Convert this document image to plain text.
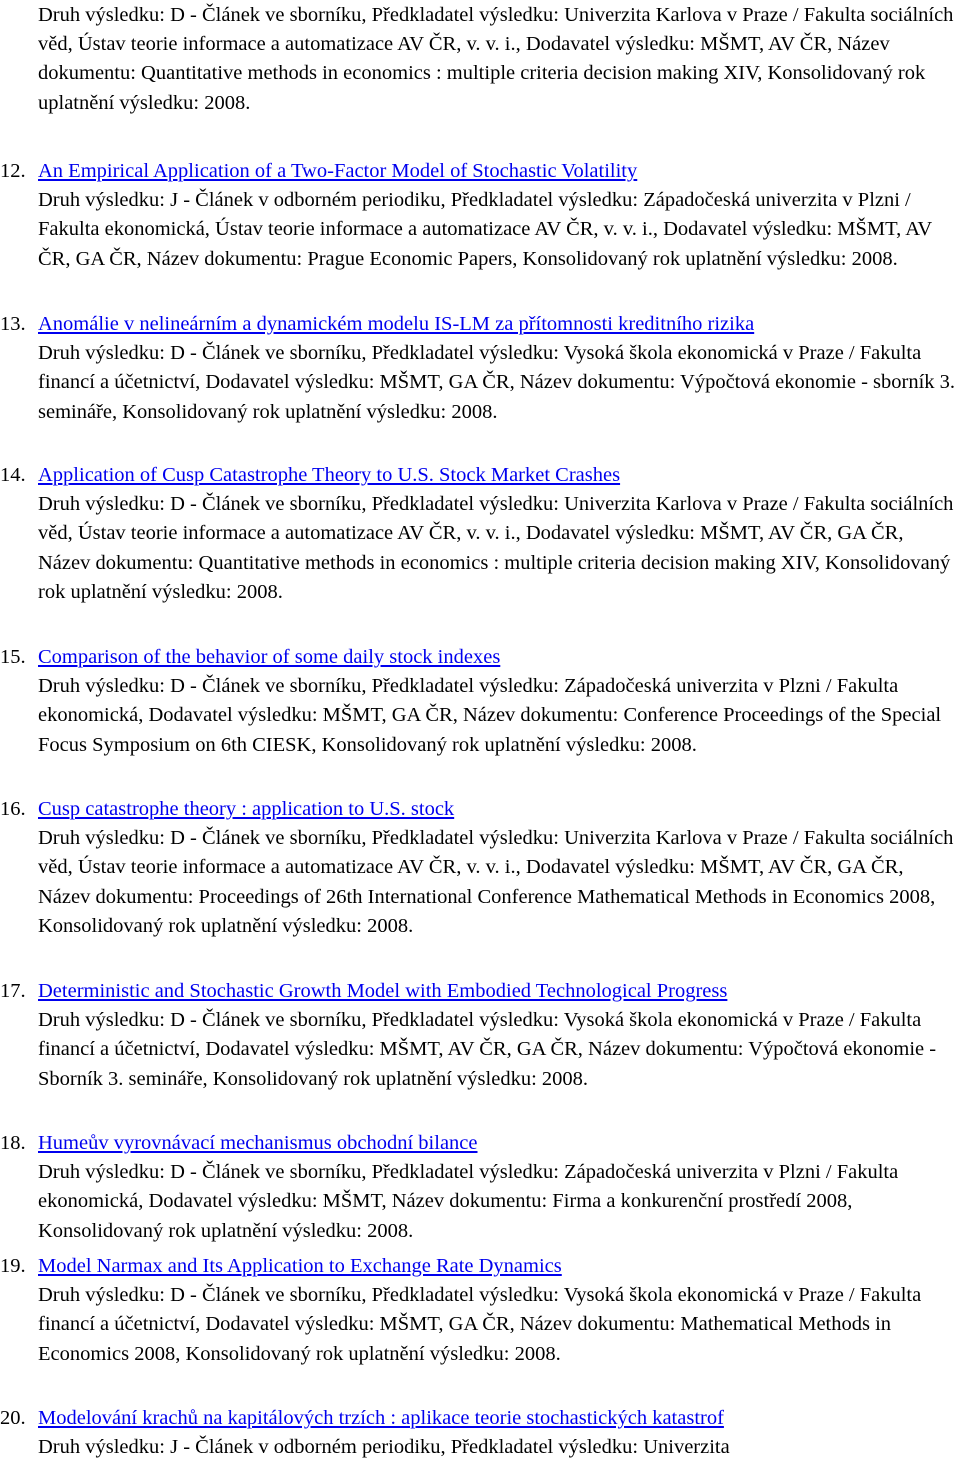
Druh výsledku: D - Článek ve sborníku, Předkladatel výsledku: Univerzita Karlova v Praze / Fakulta sociálních věd, Ústav teorie informace a automatizace AV ČR, v. v. i., Dodavatel výsledku: MŠMT, AV ČR, Název dokumentu: Quantitative methods in economics : multiple criteria decision making XIV, Konsolidovaný rok uplatnění výsledku: 2008.

12. An Empirical Application of a Two-Factor Model of Stochastic Volatility

Druh výsledku: J - Článek v odborném periodiku, Předkladatel výsledku: Západočeská univerzita v Plzni / Fakulta ekonomická, Ústav teorie informace a automatizace AV ČR, v. v. i., Dodavatel výsledku: MŠMT, AV ČR, GA ČR, Název dokumentu: Prague Economic Papers, Konsolidovaný rok uplatnění výsledku: 2008.

13. Anomálie v nelineárním a dynamickém modelu IS-LM za přítomnosti kreditního rizika

Druh výsledku: D - Článek ve sborníku, Předkladatel výsledku: Vysoká škola ekonomická v Praze / Fakulta financí a účetnictví, Dodavatel výsledku: MŠMT, GA ČR, Název dokumentu: Výpočtová ekonomie - sborník 3. semináře, Konsolidovaný rok uplatnění výsledku: 2008.

14. Application of Cusp Catastrophe Theory to U.S. Stock Market Crashes

Druh výsledku: D - Článek ve sborníku, Předkladatel výsledku: Univerzita Karlova v Praze / Fakulta sociálních věd, Ústav teorie informace a automatizace AV ČR, v. v. i., Dodavatel výsledku: MŠMT, AV ČR, GA ČR, Název dokumentu: Quantitative methods in economics : multiple criteria decision making XIV, Konsolidovaný rok uplatnění výsledku: 2008.

15. Comparison of the behavior of some daily stock indexes

Druh výsledku: D - Článek ve sborníku, Předkladatel výsledku: Západočeská univerzita v Plzni / Fakulta ekonomická, Dodavatel výsledku: MŠMT, GA ČR, Název dokumentu: Conference Proceedings of the Special Focus Symposium on 6th CIESK, Konsolidovaný rok uplatnění výsledku: 2008.

16. Cusp catastrophe theory : application to U.S. stock

Druh výsledku: D - Článek ve sborníku, Předkladatel výsledku: Univerzita Karlova v Praze / Fakulta sociálních věd, Ústav teorie informace a automatizace AV ČR, v. v. i., Dodavatel výsledku: MŠMT, AV ČR, GA ČR, Název dokumentu: Proceedings of 26th International Conference Mathematical Methods in Economics 2008, Konsolidovaný rok uplatnění výsledku: 2008.

17. Deterministic and Stochastic Growth Model with Embodied Technological Progress

Druh výsledku: D - Článek ve sborníku, Předkladatel výsledku: Vysoká škola ekonomická v Praze / Fakulta financí a účetnictví, Dodavatel výsledku: MŠMT, AV ČR, GA ČR, Název dokumentu: Výpočtová ekonomie - Sborník 3. semináře, Konsolidovaný rok uplatnění výsledku: 2008.

18. Humeův vyrovnávací mechanismus obchodní bilance

Druh výsledku: D - Článek ve sborníku, Předkladatel výsledku: Západočeská univerzita v Plzni / Fakulta ekonomická, Dodavatel výsledku: MŠMT, Název dokumentu: Firma a konkurenční prostředí 2008, Konsolidovaný rok uplatnění výsledku: 2008.

19. Model Narmax and Its Application to Exchange Rate Dynamics

Druh výsledku: D - Článek ve sborníku, Předkladatel výsledku: Vysoká škola ekonomická v Praze / Fakulta financí a účetnictví, Dodavatel výsledku: MŠMT, GA ČR, Název dokumentu: Mathematical Methods in Economics 2008, Konsolidovaný rok uplatnění výsledku: 2008.

20. Modelování krachů na kapitálových trzích : aplikace teorie stochastických katastrof

Druh výsledku: J - Článek v odborném periodiku, Předkladatel výsledku: Univerzita
